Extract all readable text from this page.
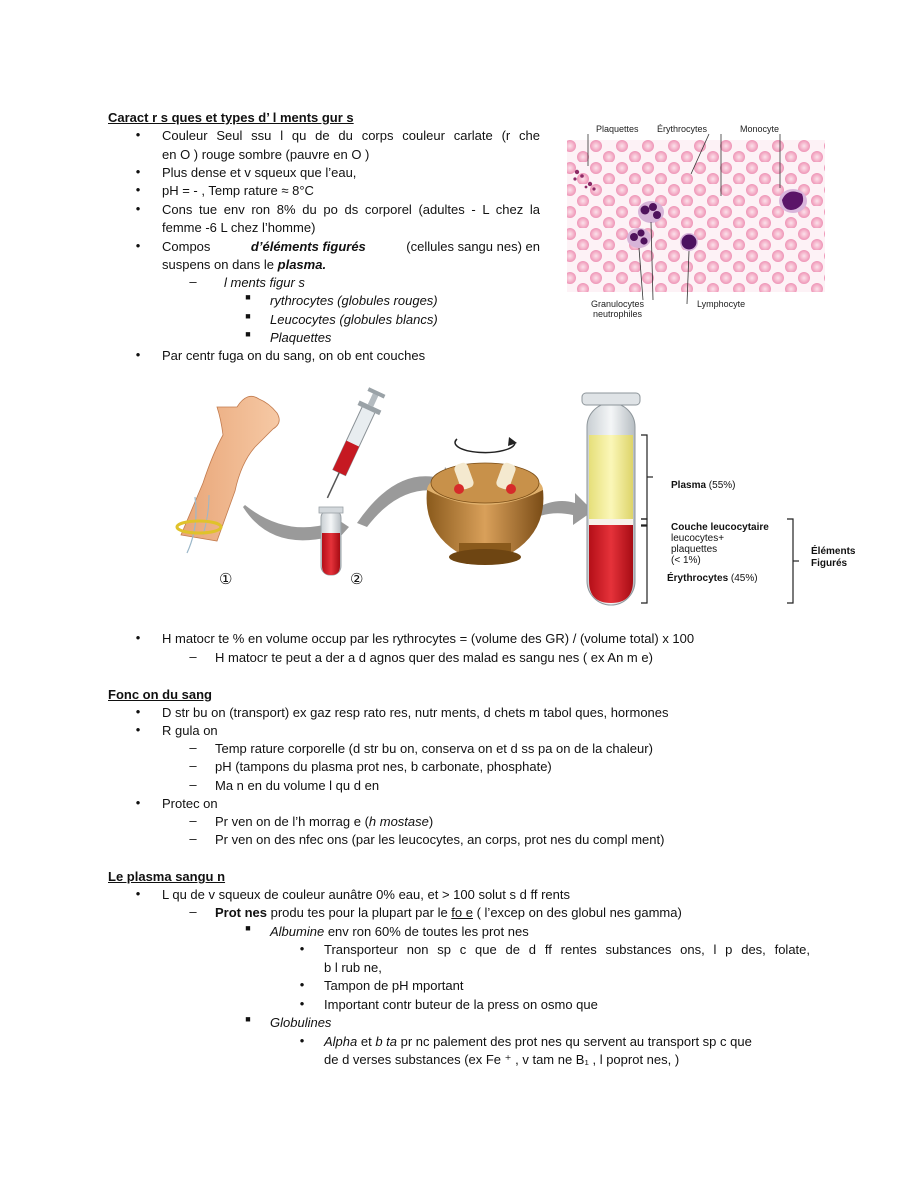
Caract r s ques et types d’ l ments gur s
•	Couleur Seul ssu l qu de du corps couleur carlate (r che
en O ) rouge sombre (pauvre en O )
•	Plus dense et v squeux que l’eau,
•	pH = - , Temp rature ≈ 8°C
•	Cons tue env ron 8% du po ds corporel (adultes - L chez la
femme -6 L chez l’homme)
•	Compos	d’éléments figurés	(cellules sangu nes) en
suspens on dans le plasma.
– l ments figur s
■	rythrocytes (globules rouges)
■	Leucocytes (globules blancs)
■	Plaquettes
•	Par centr fuga on du sang, on ob ent couches
Plaquettes Érythrocytes	Monocyte
Granulocytes
neutrophiles
Lymphocyte
①	②
Plasma (55%)
Couche leucocytaire
leucocytes+
plaquettes
(< 1%)
Érythrocytes (45%)
Éléments
Figurés
•	H matocr te % en volume occup par les rythrocytes = (volume des GR) / (volume total) x 100
– H matocr te peut a der a d agnos quer des malad es sangu nes ( ex An m e)
Fonc on du sang
•	D str bu on (transport) ex gaz resp rato res, nutr ments, d chets m tabol ques, hormones
•	R gula on
– Temp rature corporelle (d str bu on, conserva on et d ss pa on de la chaleur)
– pH (tampons du plasma prot nes, b carbonate, phosphate)
– Ma n en du volume l qu d en
•	Protec on
– Pr ven on de l’h morrag e (h mostase)
– Pr ven on des nfec ons (par les leucocytes, an corps, prot nes du compl ment)
Le plasma sangu n
•	L qu de v squeux de couleur aunâtre 0% eau, et > 100 solut s d ff rents
– Prot nes produ tes pour la plupart par le fo e ( l’excep on des globul nes gamma)
■	Albumine env ron 60% de toutes les prot nes
•	Transporteur non sp c que de d ff rentes substances ons, l p des, folate,
b l rub ne,
•	Tampon de pH mportant
•	Important contr buteur de la press on osmo que
■	Globulines
•	Alpha et b ta pr nc palement des prot nes qu servent au transport sp c que
de d verses substances (ex Fe ⁺ , v tam ne B₁ , l poprot nes, )
